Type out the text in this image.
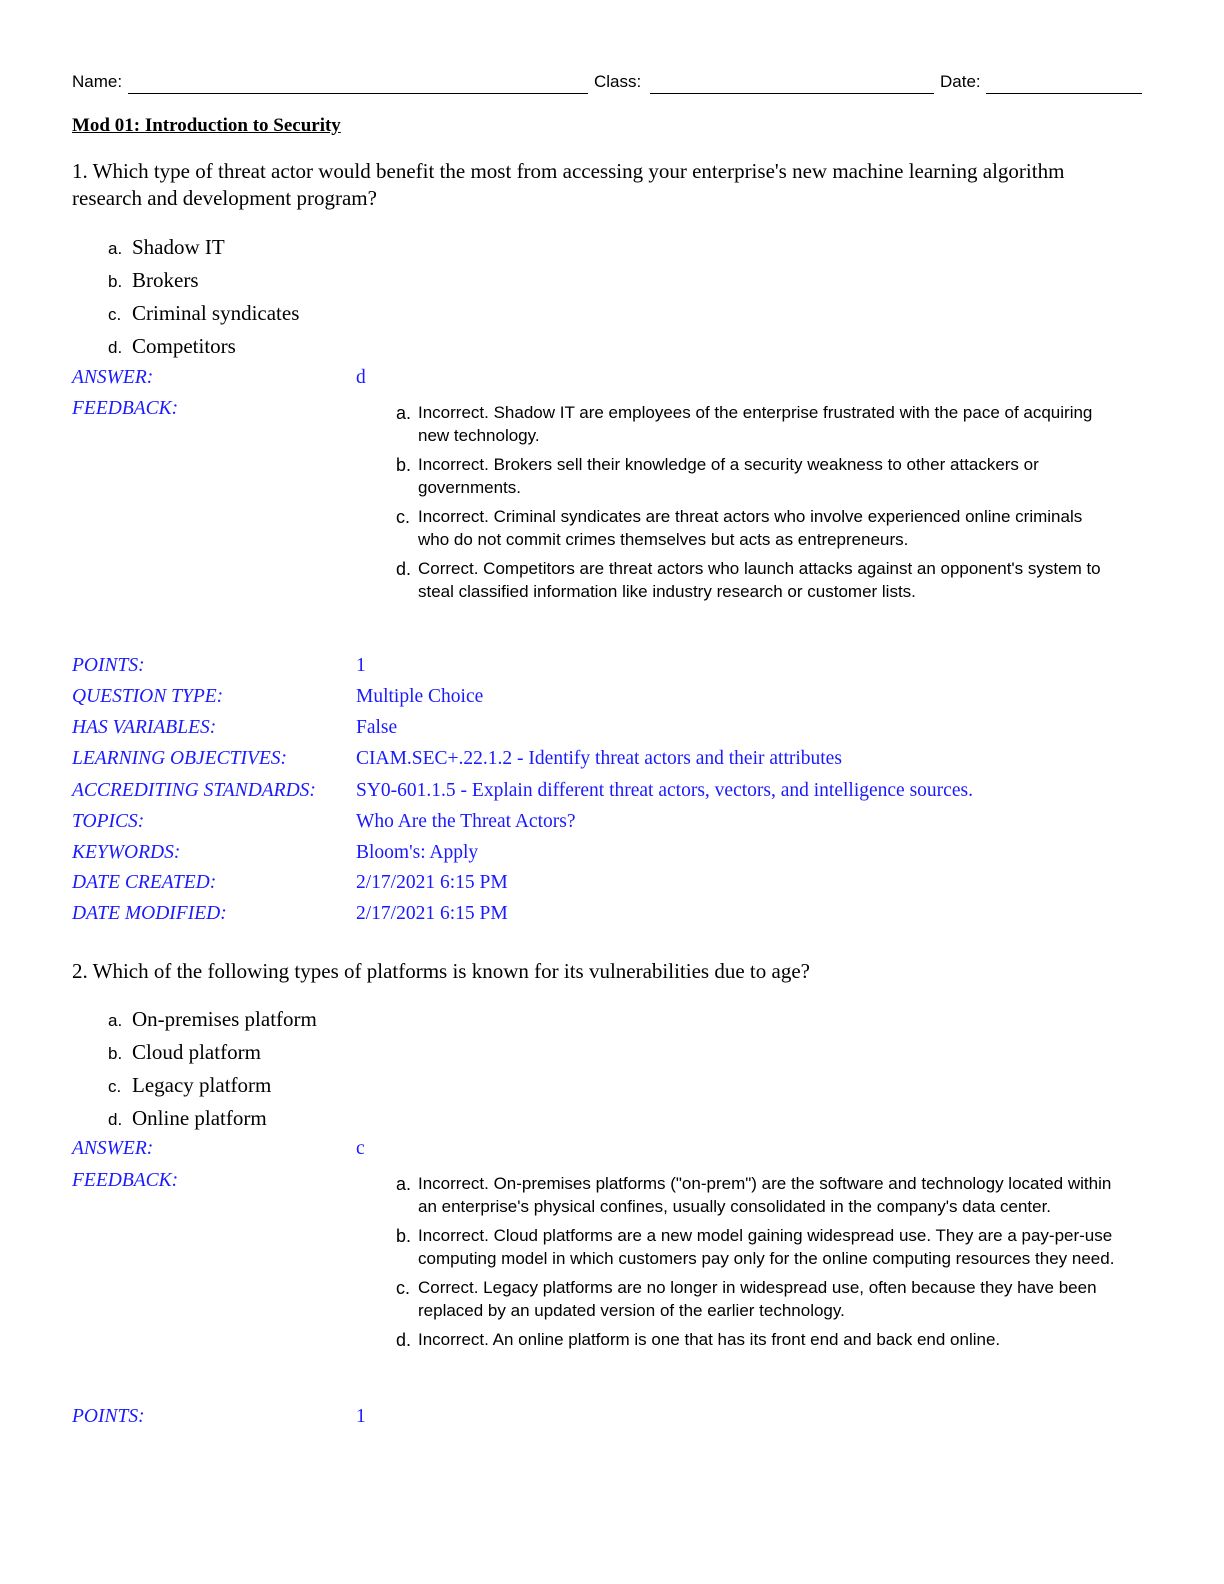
Name:	Class:	Date:
Mod 01: Introduction to Security
1. Which type of threat actor would benefit the most from accessing your enterprise's new machine learning algorithm research and development program?
a. Shadow IT
b. Brokers
c. Criminal syndicates
d. Competitors
ANSWER:	d
FEEDBACK:	a. Incorrect. Shadow IT are employees of the enterprise frustrated with the pace of acquiring new technology.
b. Incorrect. Brokers sell their knowledge of a security weakness to other attackers or governments.
c. Incorrect. Criminal syndicates are threat actors who involve experienced online criminals who do not commit crimes themselves but acts as entrepreneurs.
d. Correct. Competitors are threat actors who launch attacks against an opponent's system to steal classified information like industry research or customer lists.
POINTS:	1
QUESTION TYPE:	Multiple Choice
HAS VARIABLES:	False
LEARNING OBJECTIVES:	CIAM.SEC+.22.1.2 - Identify threat actors and their attributes
ACCREDITING STANDARDS: SY0-601.1.5 - Explain different threat actors, vectors, and intelligence sources.
TOPICS:	Who Are the Threat Actors?
KEYWORDS:	Bloom's: Apply
DATE CREATED:	2/17/2021 6:15 PM
DATE MODIFIED:	2/17/2021 6:15 PM
2. Which of the following types of platforms is known for its vulnerabilities due to age?
a. On-premises platform
b. Cloud platform
c. Legacy platform
d. Online platform
ANSWER:	c
FEEDBACK:	a. Incorrect. On-premises platforms ("on-prem") are the software and technology located within an enterprise's physical confines, usually consolidated in the company's data center.
b. Incorrect. Cloud platforms are a new model gaining widespread use. They are a pay-per-use computing model in which customers pay only for the online computing resources they need.
c. Correct. Legacy platforms are no longer in widespread use, often because they have been replaced by an updated version of the earlier technology.
d. Incorrect. An online platform is one that has its front end and back end online.
POINTS:	1
